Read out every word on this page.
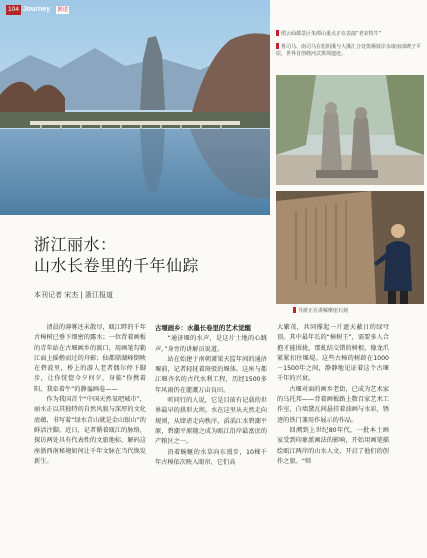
104 Journey 旅途
缙云仙都景区朱潭山重点正在表演“老农牧牛”
鲁司马、南司马在松阴溪与大溪汇合处筑堰驳岸永康南部碶子平原，世界首创绕河式拱坝遗迹。
导游正在讲解摩崖石刻
浙江丽水：
山水长卷里的千年仙踪
本刊记者 宋杰 | 浙江报道

清晨的薄雾还未散尽，瓯江畔的千年古樟树已垂下细密的露水；一位背着画板的青年站在古堰画乡的渡口，用画笔勾勒江面上摇橹而过的舟影；仙都鼎湖峰倒映在碧波里，桥上的游人老者偶尔停下脚步，让你恍惚今夕何夕，身临“你携着阳，我牵着牛”的静谧画卷——

作为我国首个“中国天然氧吧城市”，丽水正以其独特的自然风貌与深厚的文化底蕴，书写着“绿水青山就是金山银山”的鲜活注脚。近日，记者循着瓯江的脉络，探访两处具有代表性的文旅地标，解码这座浙西南秘境如何让千年文脉在当代焕发新生。

古堰画乡：水墨长卷里的艺术觉醒

“通济堰的水声，是这片土地的心跳声。”身旁的讲解员说道。

站在始建于南朝萧梁天监年间的通济堰前，记者轻抚着斑驳的堰体。这座与都江堰齐名的古代水利工程，历经1500多年风雨仍在灌溉万亩良田。

听同行的人说，它是目前有记载的世界最早的拱形大坝。水在这里从天然走向规则，从肆虐走向秩序，滔滔江水碧潮平原，碧潮平原随之成为瓯江沿岸最富庶的产粮区之一。

沿着蜿蜒的水草向东漫步，10棵千年古樟依次映入眼帘，它们高

大繁茂，共同撑起一片遮天蔽日的绿穹顶。其中最年长的“樟树王”，需要多人合抱才能围拢，那虬结交错的树根，像龙爪紧紧扣住堰堤。这些古樟的树龄在1000－1500年之间，静静地见证着这个古堰千年的兴衰。

古堰对面的画乡老街，已成为艺术家的乌托邦——背着画板路上数百家艺术工作室，白墙黛瓦间悬挂着油画与水彩，锈迹的铁门兼用作展示的作品。

回溯到上世纪80年代，一批本土画家受到印象派画法的影响，开始用画笔描绘瓯江两岸的山水人文，开启了他们的创作之旅。“师
